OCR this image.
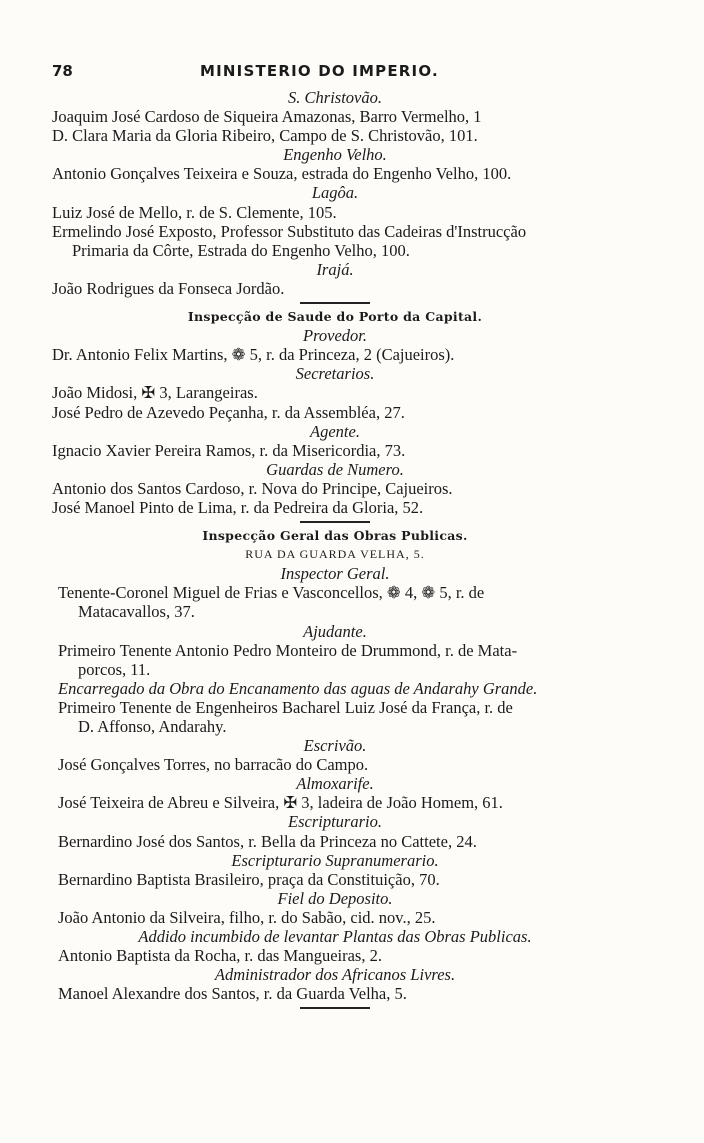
78	MINISTERIO DO IMPERIO.
S. Christovão.
Joaquim José Cardoso de Siqueira Amazonas, Barro Vermelho, 1
D. Clara Maria da Gloria Ribeiro, Campo de S. Christovão, 101.
Engenho Velho.
Antonio Gonçalves Teixeira e Souza, estrada do Engenho Velho, 100.
Lagôa.
Luiz José de Mello, r. de S. Clemente, 105.
Ermelindo José Exposto, Professor Substituto das Cadeiras d'Instrucção
Primaria da Côrte, Estrada do Engenho Velho, 100.
Irajá.
João Rodrigues da Fonseca Jordão.
Inspecção de Saude do Porto da Capital.
Provedor.
Dr. Antonio Felix Martins, ❁ 5, r. da Princeza, 2 (Cajueiros).
Secretarios.
João Midosi, ✠ 3, Larangeiras.
José Pedro de Azevedo Peçanha, r. da Assembléa, 27.
Agente.
Ignacio Xavier Pereira Ramos, r. da Misericordia, 73.
Guardas de Numero.
Antonio dos Santos Cardoso, r. Nova do Principe, Cajueiros.
José Manoel Pinto de Lima, r. da Pedreira da Gloria, 52.
Inspecção Geral das Obras Publicas.
RUA DA GUARDA VELHA, 5.
Inspector Geral.
Tenente-Coronel Miguel de Frias e Vasconcellos, ❁ 4, ❁ 5, r. de
Matacavallos, 37.
Ajudante.
Primeiro Tenente Antonio Pedro Monteiro de Drummond, r. de Mata-
porcos, 11.
Encarregado da Obra do Encanamento das aguas de Andarahy Grande.
Primeiro Tenente de Engenheiros Bacharel Luiz José da França, r. de
D. Affonso, Andarahy.
Escrivão.
José Gonçalves Torres, no barracão do Campo.
Almoxarife.
José Teixeira de Abreu e Silveira, ✠ 3, ladeira de João Homem, 61.
Escripturario.
Bernardino José dos Santos, r. Bella da Princeza no Cattete, 24.
Escripturario Supranumerario.
Bernardino Baptista Brasileiro, praça da Constituição, 70.
Fiel do Deposito.
João Antonio da Silveira, filho, r. do Sabão, cid. nov., 25.
Addido incumbido de levantar Plantas das Obras Publicas.
Antonio Baptista da Rocha, r. das Mangueiras, 2.
Administrador dos Africanos Livres.
Manoel Alexandre dos Santos, r. da Guarda Velha, 5.
